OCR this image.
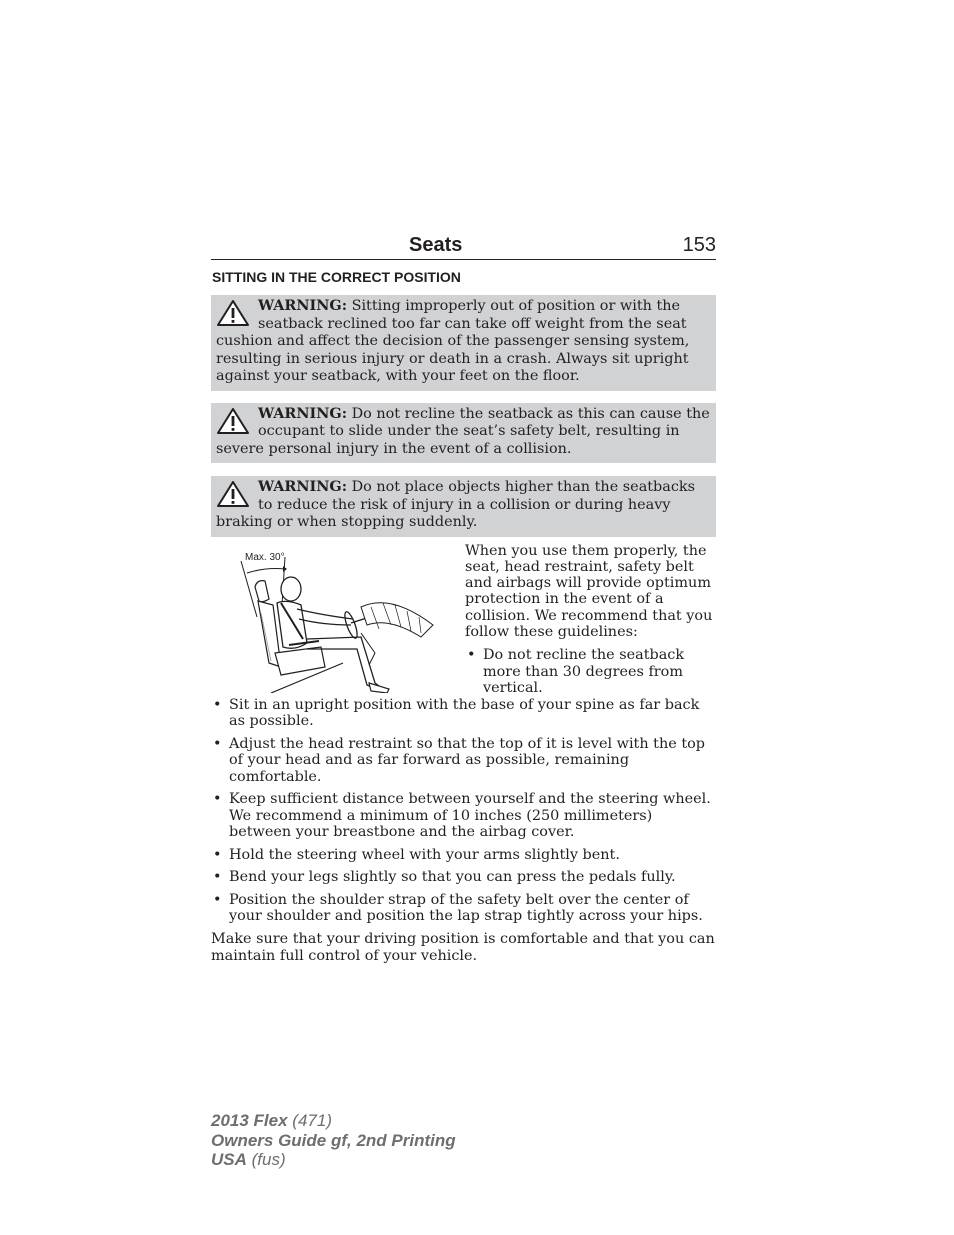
Seats	153
SITTING IN THE CORRECT POSITION
WARNING: Sitting improperly out of position or with the seatback reclined too far can take off weight from the seat cushion and affect the decision of the passenger sensing system, resulting in serious injury or death in a crash. Always sit upright against your seatback, with your feet on the floor.
WARNING: Do not recline the seatback as this can cause the occupant to slide under the seat’s safety belt, resulting in severe personal injury in the event of a collision.
WARNING: Do not place objects higher than the seatbacks to reduce the risk of injury in a collision or during heavy braking or when stopping suddenly.
Max. 30°	When you use them properly, the seat, head restraint, safety belt and airbags will provide optimum protection in the event of a collision. We recommend that you follow these guidelines:
• Do not recline the seatback more than 30 degrees from vertical.
• Sit in an upright position with the base of your spine as far back as possible.
• Adjust the head restraint so that the top of it is level with the top of your head and as far forward as possible, remaining comfortable.
• Keep sufficient distance between yourself and the steering wheel. We recommend a minimum of 10 inches (250 millimeters) between your breastbone and the airbag cover.
• Hold the steering wheel with your arms slightly bent.
• Bend your legs slightly so that you can press the pedals fully.
• Position the shoulder strap of the safety belt over the center of your shoulder and position the lap strap tightly across your hips.
Make sure that your driving position is comfortable and that you can maintain full control of your vehicle.
2013 Flex (471)
Owners Guide gf, 2nd Printing
USA (fus)
